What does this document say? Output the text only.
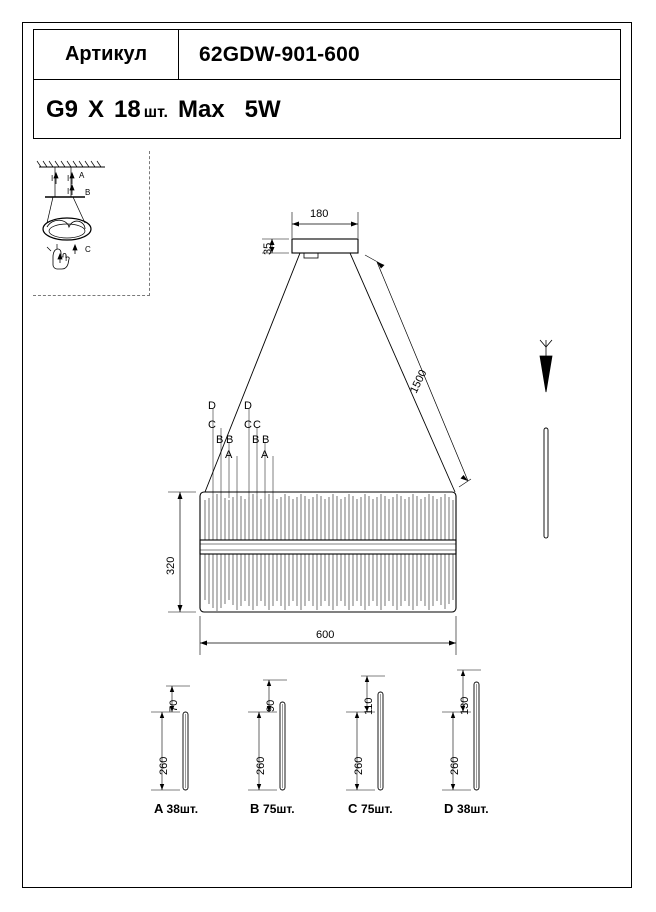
Артикул	62GDW-901-600
G9 X 18 шт. Max 5W
A
B
C
I
I I
I
180
35
1500
320
600
D
C
B
A
D
C
B
A
B	B
C
260
70
260
90
260
110
260
130
A 38шт.	B 75шт.	C 75шт.	D 38шт.
